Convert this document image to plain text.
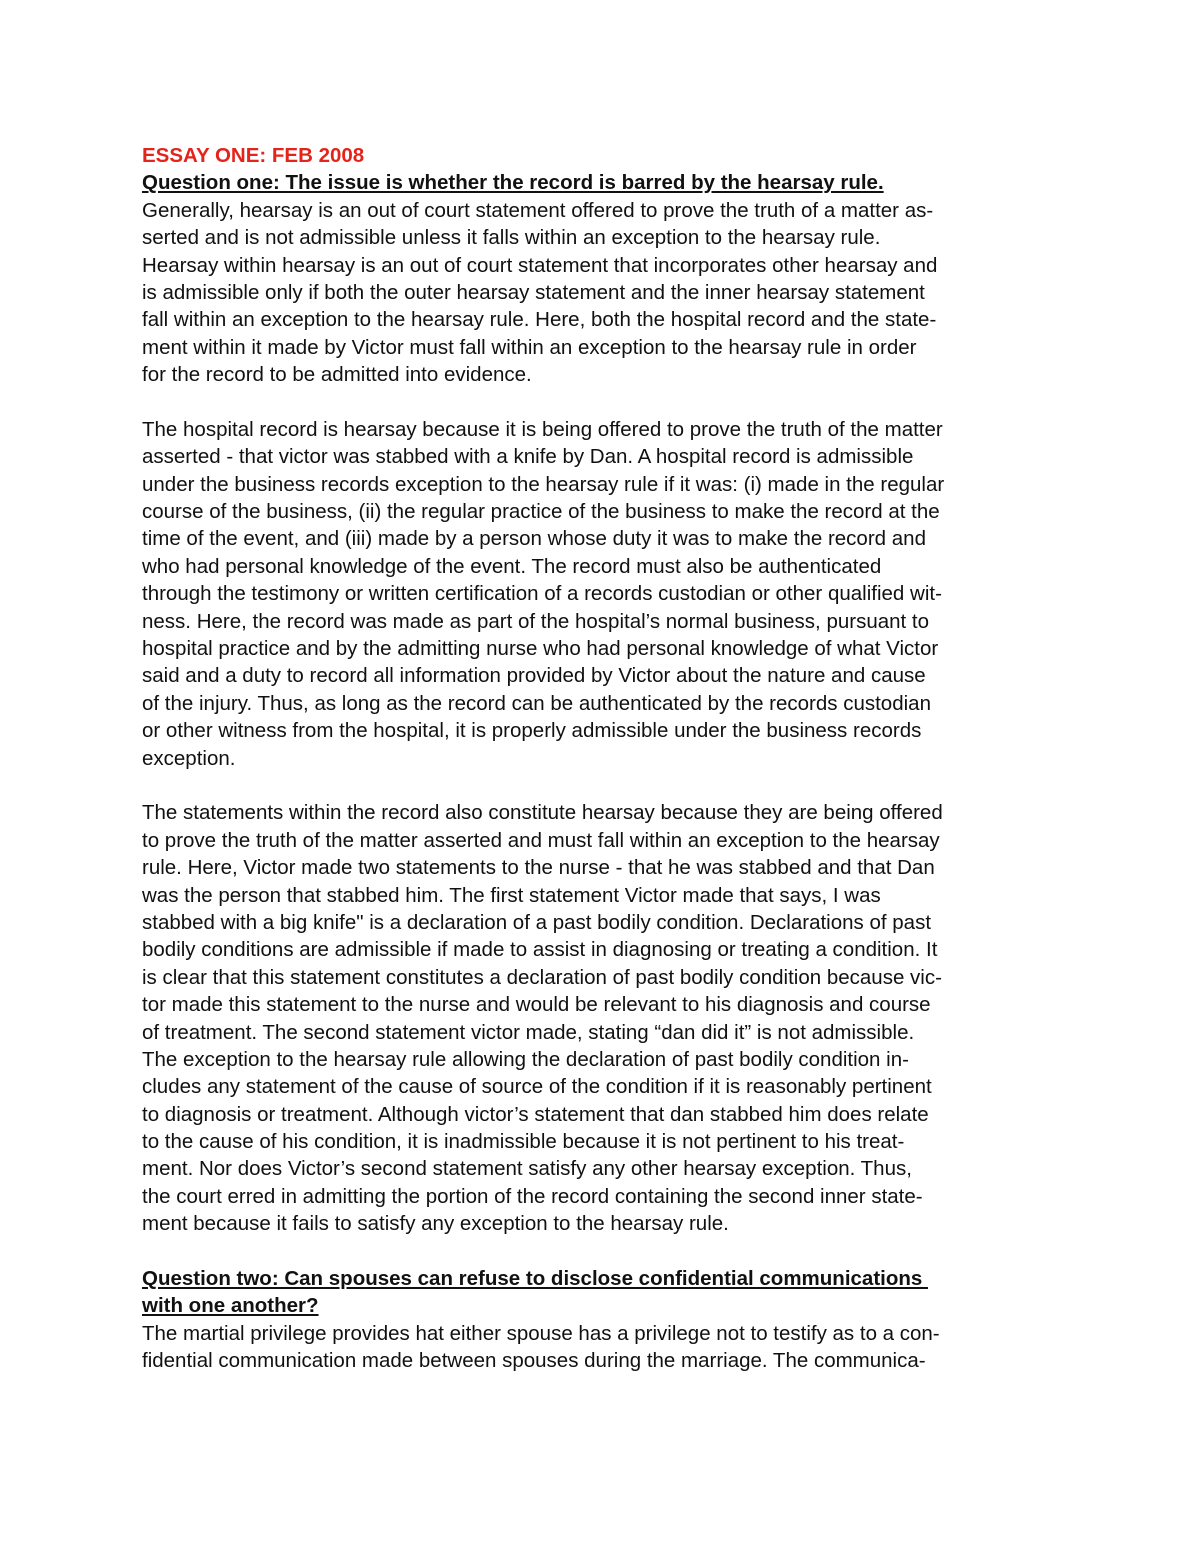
ESSAY ONE: FEB 2008
Question one: The issue is whether the record is barred by the hearsay rule.
Generally, hearsay is an out of court statement offered to prove the truth of a matter as-
serted and is not admissible unless it falls within an exception to the hearsay rule.
Hearsay within hearsay is an out of court statement that incorporates other hearsay and
is admissible only if both the outer hearsay statement and the inner hearsay statement
fall within an exception to the hearsay rule. Here, both the hospital record and the state-
ment within it made by Victor must fall within an exception to the hearsay rule in order
for the record to be admitted into evidence.
The hospital record is hearsay because it is being offered to prove the truth of the matter
asserted - that victor was stabbed with a knife by Dan. A hospital record is admissible
under the business records exception to the hearsay rule if it was: (i) made in the regular
course of the business, (ii) the regular practice of the business to make the record at the
time of the event, and (iii) made by a person whose duty it was to make the record and
who had personal knowledge of the event. The record must also be authenticated
through the testimony or written certification of a records custodian or other qualified wit-
ness. Here, the record was made as part of the hospital’s normal business, pursuant to
hospital practice and by the admitting nurse who had personal knowledge of what Victor
said and a duty to record all information provided by Victor about the nature and cause
of the injury. Thus, as long as the record can be authenticated by the records custodian
or other witness from the hospital, it is properly admissible under the business records
exception.
The statements within the record also constitute hearsay because they are being offered
to prove the truth of the matter asserted and must fall within an exception to the hearsay
rule. Here, Victor made two statements to the nurse - that he was stabbed and that Dan
was the person that stabbed him. The first statement Victor made that says, I was
stabbed with a big knife" is a declaration of a past bodily condition. Declarations of past
bodily conditions are admissible if made to assist in diagnosing or treating a condition. It
is clear that this statement constitutes a declaration of past bodily condition because vic-
tor made this statement to the nurse and would be relevant to his diagnosis and course
of treatment. The second statement victor made, stating “dan did it” is not admissible.
The exception to the hearsay rule allowing the declaration of past bodily condition in-
cludes any statement of the cause of source of the condition if it is reasonably pertinent
to diagnosis or treatment. Although victor’s statement that dan stabbed him does relate
to the cause of his condition, it is inadmissible because it is not pertinent to his treat-
ment. Nor does Victor’s second statement satisfy any other hearsay exception. Thus,
the court erred in admitting the portion of the record containing the second inner state-
ment because it fails to satisfy any exception to the hearsay rule.
Question two: Can spouses can refuse to disclose confidential communications
with one another?
The martial privilege provides hat either spouse has a privilege not to testify as to a con-
fidential communication made between spouses during the marriage. The communica-
